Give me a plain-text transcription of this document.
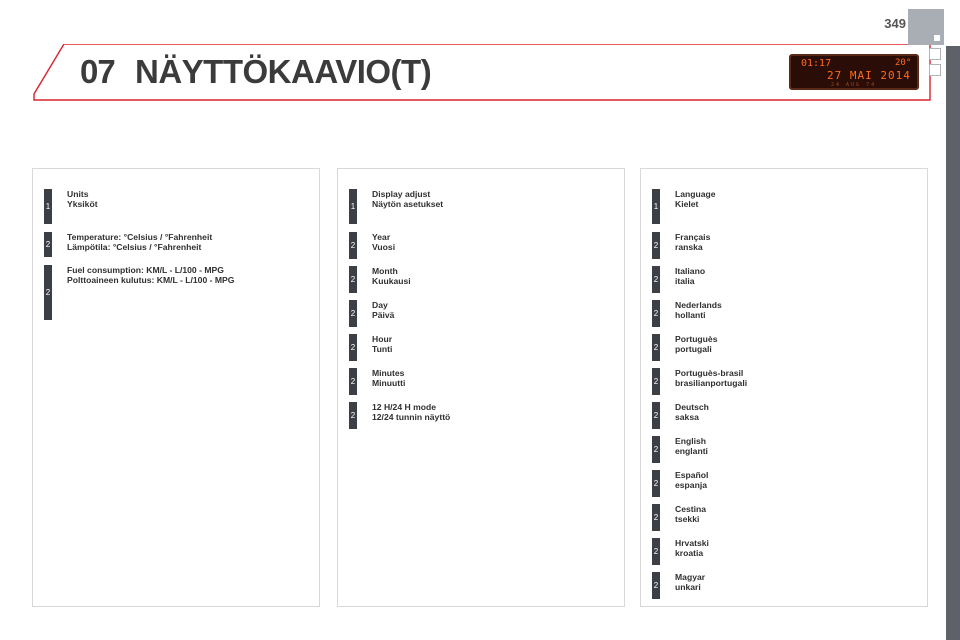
07 NÄYTTÖKAAVIO(T)
349
01:17	20°
27 MAI 2014
24 AUG 74
1
Units
Yksiköt
2
Temperature: °Celsius / °Fahrenheit
Lämpötila: °Celsius / °Fahrenheit
2
Fuel consumption: KM/L - L/100 - MPG
Polttoaineen kulutus: KM/L - L/100 - MPG
1
Display adjust
Näytön asetukset
2
Year
Vuosi
2
Month
Kuukausi
2
Day
Päivä
2
Hour
Tunti
2
Minutes
Minuutti
2
12 H/24 H mode
12/24 tunnin näyttö
1
Language
Kielet
2
Français
ranska
2
Italiano
italia
2
Nederlands
hollanti
2
Portuguès
portugali
2
Portuguès-brasil
brasilianportugali
2
Deutsch
saksa
2
English
englanti
2
Español
espanja
2
Cestina
tsekki
2
Hrvatski
kroatia
2
Magyar
unkari
